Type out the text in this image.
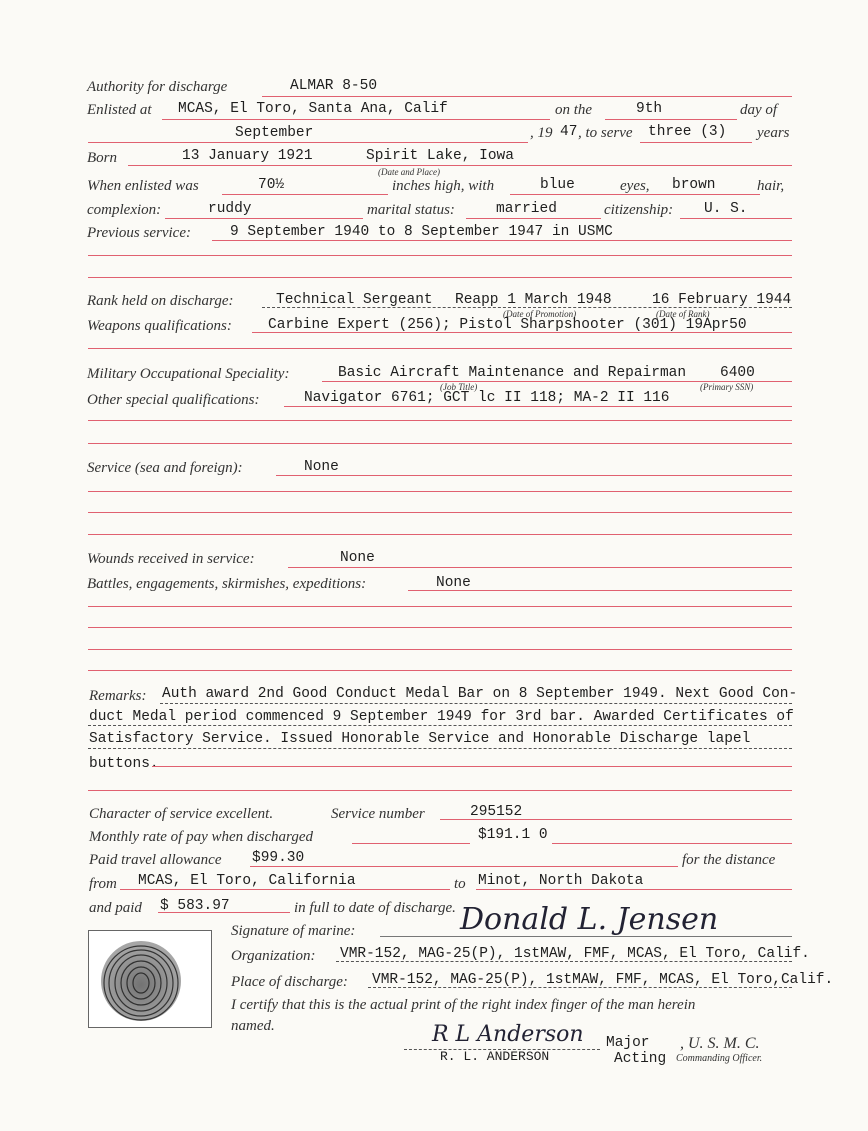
Authority for discharge	ALMAR 8-50
Enlisted at MCAS, El Toro, Santa Ana, Calif	on the	9th	day of
September	, 19 47 , to serve three (3) years
Born	13 January 1921	Spirit Lake, Iowa
(Date and Place)
When enlisted was	70½	inches high, with	blue	eyes, brown	hair,
complexion:	ruddy	marital status:	married	citizenship: U. S.
Previous service:	9 September 1940 to 8 September 1947 in USMC
Rank held on discharge:	Technical Sergeant Reapp 1 March 1948	16 February 1944
(Date of Promotion)	(Date of Rank)
Weapons qualifications: Carbine Expert (256); Pistol Sharpshooter (301) 19Apr50
Military Occupational Speciality:	Basic Aircraft Maintenance and Repairman 6400
(Job Title)	(Primary SSN)
Other special qualifications:	Navigator 6761; GCT lc II 118; MA-2 II 116
Service (sea and foreign):	None
Wounds received in service:	None
Battles, engagements, skirmishes, expeditions:	None
Remarks: Auth award 2nd Good Conduct Medal Bar on 8 September 1949. Next Good Con-
duct Medal period commenced 9 September 1949 for 3rd bar. Awarded Certificates of
Satisfactory Service. Issued Honorable Service and Honorable Discharge lapel
buttons.
Character of service excellent.	Service number	295152
Monthly rate of pay when discharged	$191.1 0
Paid travel allowance $99.30	for the distance
from MCAS, El Toro, California	to Minot, North Dakota
and paid $ 583.97	in full to date of discharge.
Signature of marine:	Donald L. Jensen
Organization: VMR-152, MAG-25(P), 1stMAW, FMF, MCAS, El Toro, Calif.
Place of discharge: VMR-152, MAG-25(P), 1stMAW, FMF, MCAS, El Toro,Calif.
I certify that this is the actual print of the right index finger of the man herein
named.	R L Anderson
R. L. ANDERSON
Major
Acting
, U. S. M. C.
Commanding Officer.
